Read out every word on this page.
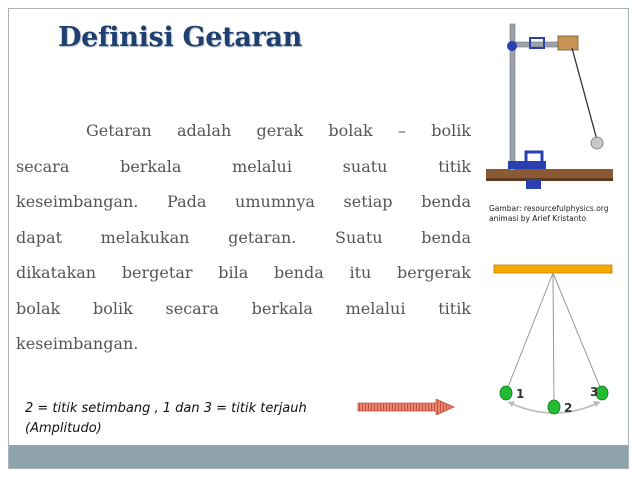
Definisi Getaran
Getaran adalah gerak bolak – bolik
secara berkala melalui suatu titik
keseimbangan. Pada umumnya setiap benda
dapat melakukan getaran. Suatu benda
dikatakan bergetar bila benda itu bergerak
bolak bolik secara berkala melalui titik
keseimbangan.
2 = titik setimbang , 1 dan 3 = titik terjauh
(Amplitudo)
Gambar: resourcefulphysics.org
animasi by Arief Kristanto
1
2
3
